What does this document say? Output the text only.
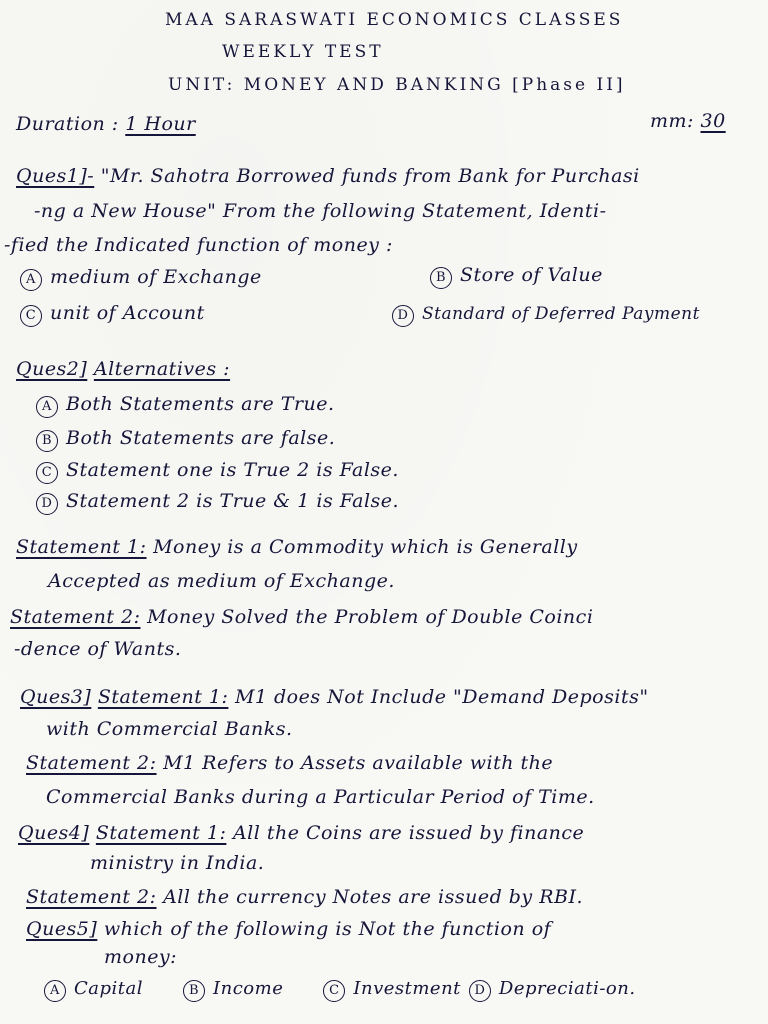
MAA SARASWATI ECONOMICS CLASSES
WEEKLY TEST
UNIT: MONEY AND BANKING [Phase II]
Duration : 1 Hour	mm: 30
Ques1]- "Mr. Sahotra Borrowed funds from Bank for Purchasi
-ng a New House" From the following Statement, Identi-
-fied the Indicated function of money :
A medium of Exchange	B Store of Value
C unit of Account	D Standard of Deferred Payment
Ques2] Alternatives :
A Both Statements are True.
B Both Statements are false.
C Statement one is True 2 is False.
D Statement 2 is True & 1 is False.
Statement 1: Money is a Commodity which is Generally
Accepted as medium of Exchange.
Statement 2: Money Solved the Problem of Double Coinci
-dence of Wants.
Ques3] Statement 1: M1 does Not Include "Demand Deposits"
with Commercial Banks.
Statement 2: M1 Refers to Assets available with the
Commercial Banks during a Particular Period of Time.
Ques4] Statement 1: All the Coins are issued by finance
ministry in India.
Statement 2: All the currency Notes are issued by RBI.
Ques5] which of the following is Not the function of
money:
A Capital	B Income	C Investment D Depreciati-on.
